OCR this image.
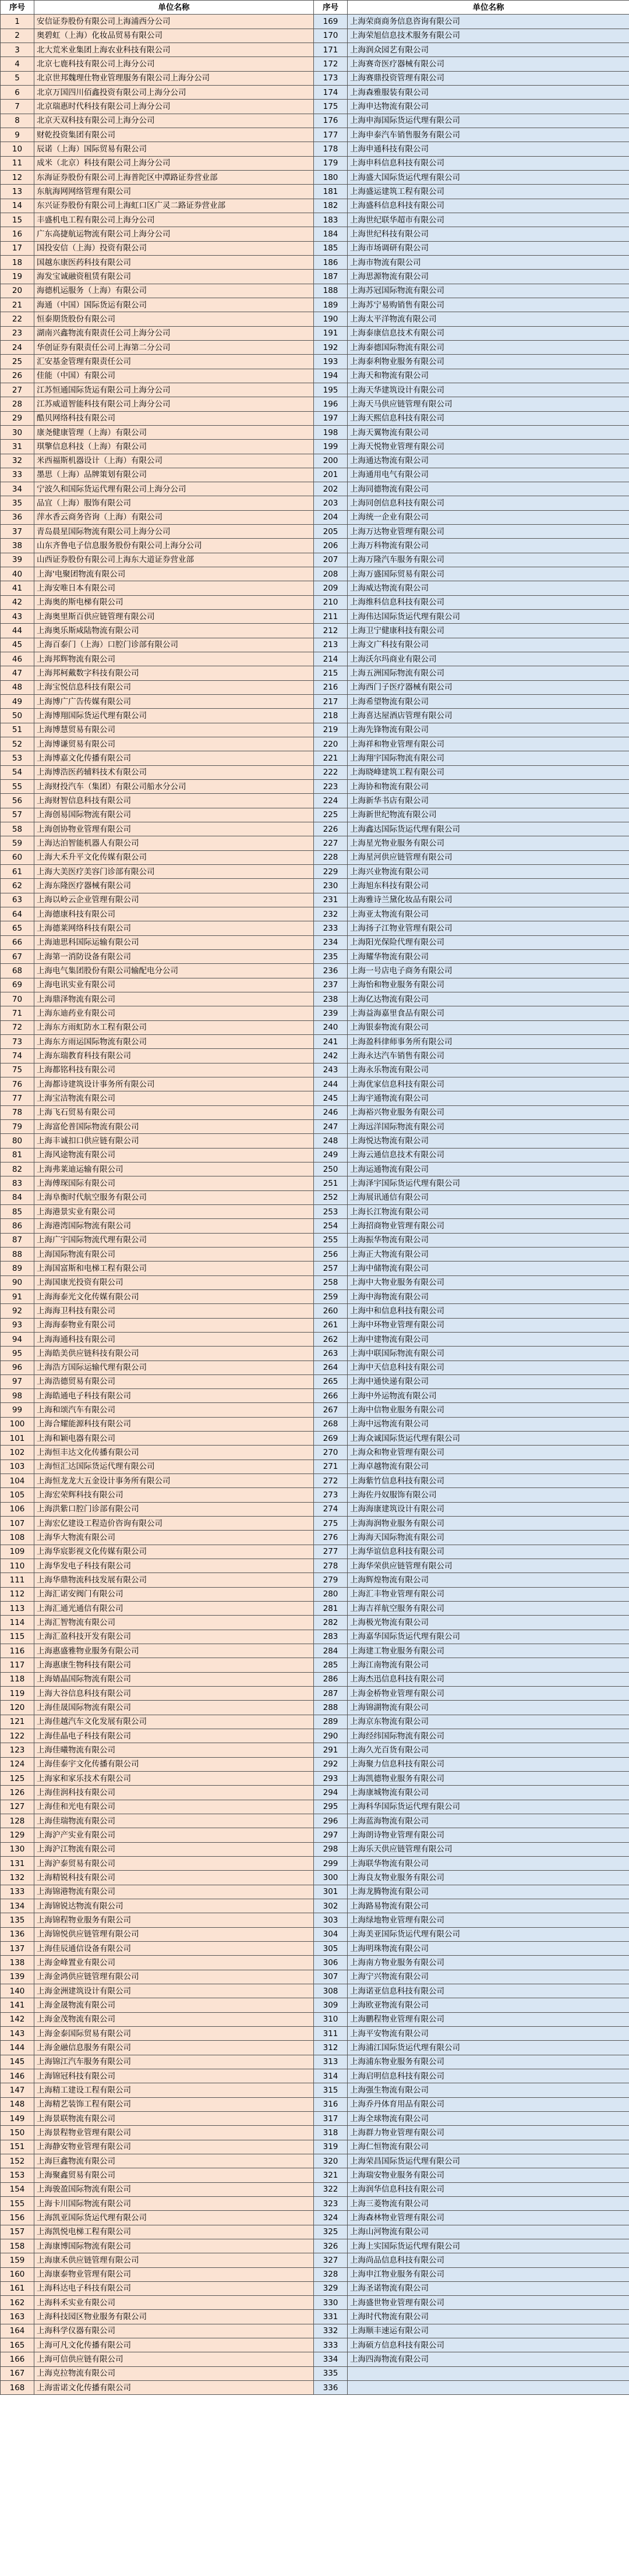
序号	单位名称	序号	单位名称
1	安信证券股份有限公司上海浦西分公司	169	上海荣商商务信息咨询有限公司
2	奥碧虹（上海）化妆品贸易有限公司	170	上海荣旭信息技术服务有限公司
3	北大荒米业集团上海农业科技有限公司	171	上海润众园艺有限公司
4	北京七鹿科技有限公司上海分公司	172	上海赛奇医疗器械有限公司
5	北京世邦魏理仕物业管理服务有限公司上海分公司	173	上海赛鼎投资管理有限公司
6	北京万国四川佰鑫投资有限公司上海分公司	174	上海森雅服装有限公司
7	北京瑞惠时代科技有限公司上海分公司	175	上海申达物流有限公司
8	北京天双科技有限公司上海分公司	176	上海申海国际货运代理有限公司
9	财乾投资集团有限公司	177	上海申泰汽车销售服务有限公司
10	辰诺（上海）国际贸易有限公司	178	上海申通科技有限公司
11	成米（北京）科技有限公司上海分公司	179	上海申科信息科技有限公司
12	东海证券股份有限公司上海普陀区中潭路证券营业部	180	上海盛大国际货运代理有限公司
13	东航海网网络管理有限公司	181	上海盛运建筑工程有限公司
14	东兴证券股份有限公司上海虹口区广灵二路证券营业部	182	上海盛科信息科技有限公司
15	丰盛机电工程有限公司上海分公司	183	上海世纪联华超市有限公司
16	广东高捷航运物流有限公司上海分公司	184	上海世纪科技有限公司
17	国投安信（上海）投资有限公司	185	上海市场调研有限公司
18	国越东康医药科技有限公司	186	上海市物流有限公司
19	海发宝诚融资租赁有限公司	187	上海思源物流有限公司
20	海德机运服务（上海）有限公司	188	上海苏冠国际物流有限公司
21	海通（中国）国际货运有限公司	189	上海苏宁易购销售有限公司
22	恒泰期货股份有限公司	190	上海太平洋物流有限公司
23	湖南兴鑫物流有限责任公司上海分公司	191	上海泰康信息技术有限公司
24	华创证券有限责任公司上海第二分公司	192	上海泰德国际物流有限公司
25	汇安基金管理有限责任公司	193	上海泰利物业服务有限公司
26	佳能（中国）有限公司	194	上海天和物流有限公司
27	江苏恒通国际货运有限公司上海分公司	195	上海天华建筑设计有限公司
28	江苏威道智能科技有限公司上海分公司	196	上海天马供应链管理有限公司
29	酷贝网络科技有限公司	197	上海天熙信息科技有限公司
30	康尧健康管理（上海）有限公司	198	上海天翼物流有限公司
31	琪擎信息科技（上海）有限公司	199	上海天悦物业管理有限公司
32	米西福斯机器设计（上海）有限公司	200	上海通达物流有限公司
33	墨思（上海）品牌策划有限公司	201	上海通用电气有限公司
34	宁波久和国际货运代理有限公司上海分公司	202	上海同德物流有限公司
35	品宜（上海）服饰有限公司	203	上海同创信息科技有限公司
36	萍水香云商务咨询（上海）有限公司	204	上海统一企业有限公司
37	青岛晨星国际物流有限公司上海分公司	205	上海万达物业管理有限公司
38	山东齐鲁电子信息服务股份有限公司上海分公司	206	上海万科物流有限公司
39	山西证券股份有限公司上海东大道证券营业部	207	上海万隆汽车服务有限公司
40	上海'电聚团物流有限公司	208	上海万盛国际贸易有限公司
41	上海安唯日本有限公司	209	上海威达物流有限公司
42	上海奥的斯电梯有限公司	210	上海维科信息科技有限公司
43	上海奥里斯百供应链管理有限公司	211	上海伟达国际货运代理有限公司
44	上海奥乐斯咸陆物流有限公司	212	上海卫宁健康科技有限公司
45	上海百泰门（上海）口腔门诊部有限公司	213	上海文广科技有限公司
46	上海邦辉物流有限公司	214	上海沃尔玛商业有限公司
47	上海邦柯戴数字科技有限公司	215	上海五洲国际物流有限公司
48	上海宝悦信息科技有限公司	216	上海西门子医疗器械有限公司
49	上海博广广告传媒有限公司	217	上海希望物流有限公司
50	上海博翔国际货运代理有限公司	218	上海喜达屋酒店管理有限公司
51	上海博慧贸易有限公司	219	上海先锋物流有限公司
52	上海博谦贸易有限公司	220	上海祥和物业管理有限公司
53	上海博嘉文化传播有限公司	221	上海翔宇国际物流有限公司
54	上海博浩医药辅料技术有限公司	222	上海晓峰建筑工程有限公司
55	上海财投汽车（集团）有限公司船水分公司	223	上海协和物流有限公司
56	上海财智信息科技有限公司	224	上海新华书店有限公司
57	上海创易国际物流有限公司	225	上海新世纪物流有限公司
58	上海创协物业管理有限公司	226	上海鑫达国际货运代理有限公司
59	上海达泊智能机器人有限公司	227	上海星光物业服务有限公司
60	上海大禾升平文化传媒有限公司	228	上海星河供应链管理有限公司
61	上海大美医疗美容门诊部有限公司	229	上海兴业物流有限公司
62	上海东隆医疗器械有限公司	230	上海旭东科技有限公司
63	上海以岭云企业管理有限公司	231	上海雅诗兰黛化妆品有限公司
64	上海德康科技有限公司	232	上海亚太物流有限公司
65	上海德莱网络科技有限公司	233	上海扬子江物业管理有限公司
66	上海迪思科国际运输有限公司	234	上海阳光保险代理有限公司
67	上海第一消防设备有限公司	235	上海耀华物流有限公司
68	上海电气集团股份有限公司输配电分公司	236	上海一号店电子商务有限公司
69	上海电讯实业有限公司	237	上海怡和物业服务有限公司
70	上海鼎泽物流有限公司	238	上海亿达物流有限公司
71	上海东迪药业有限公司	239	上海益海嘉里食品有限公司
72	上海东方雨虹防水工程有限公司	240	上海银泰物流有限公司
73	上海东方雨运国际物流有限公司	241	上海盈科律师事务所有限公司
74	上海东瑞教育科技有限公司	242	上海永达汽车销售有限公司
75	上海都铭科技有限公司	243	上海永乐物流有限公司
76	上海都诗建筑设计事务所有限公司	244	上海优家信息科技有限公司
77	上海宝洁物流有限公司	245	上海宇通物流有限公司
78	上海飞石贸易有限公司	246	上海裕兴物业服务有限公司
79	上海富伦普国际物流有限公司	247	上海远洋国际物流有限公司
80	上海丰诚扣口供应链有限公司	248	上海悦达物流有限公司
81	上海风途物流有限公司	249	上海云通信息技术有限公司
82	上海弗莱迪运输有限公司	250	上海运通物流有限公司
83	上海傅琛国际有限公司	251	上海泽宇国际货运代理有限公司
84	上海阜衡时代航空服务有限公司	252	上海展讯通信有限公司
85	上海港景实业有限公司	253	上海长江物流有限公司
86	上海港湾国际物流有限公司	254	上海招商物业管理有限公司
87	上海广宇国际物流代理有限公司	255	上海振华物流有限公司
88	上海国际物流有限公司	256	上海正大物流有限公司
89	上海国富斯和电梯工程有限公司	257	上海中储物流有限公司
90	上海国康光投资有限公司	258	上海中大物业服务有限公司
91	上海海泰光文化传媒有限公司	259	上海中海物流有限公司
92	上海海卫科技有限公司	260	上海中和信息科技有限公司
93	上海海泰物业有限公司	261	上海中环物业管理有限公司
94	上海海通科技有限公司	262	上海中建物流有限公司
95	上海皓美供应链科技有限公司	263	上海中联国际物流有限公司
96	上海浩方国际运输代理有限公司	264	上海中天信息科技有限公司
97	上海浩德贸易有限公司	265	上海中通快递有限公司
98	上海皓通电子科技有限公司	266	上海中外运物流有限公司
99	上海和颂汽车有限公司	267	上海中信物业服务有限公司
100	上海合耀能源科技有限公司	268	上海中远物流有限公司
101	上海和颖电器有限公司	269	上海众诚国际货运代理有限公司
102	上海恒丰达文化传播有限公司	270	上海众和物业管理有限公司
103	上海恒汇达国际货运代理有限公司	271	上海卓越物流有限公司
104	上海恒龙龙大五金设计事务所有限公司	272	上海紫竹信息科技有限公司
105	上海宏荣辉科技有限公司	273	上海佐丹奴服饰有限公司
106	上海洪紫口腔门诊部有限公司	274	上海海康建筑设计有限公司
107	上海宏亿建设工程造价咨询有限公司	275	上海海润物业服务有限公司
108	上海华大物流有限公司	276	上海海天国际物流有限公司
109	上海华宸影视文化传媒有限公司	277	上海华谊信息科技有限公司
110	上海华发电子科技有限公司	278	上海华荣供应链管理有限公司
111	上海华鼎物流科技发展有限公司	279	上海辉煌物流有限公司
112	上海汇诺安阀门有限公司	280	上海汇丰物业管理有限公司
113	上海汇通光通信有限公司	281	上海吉祥航空服务有限公司
114	上海汇智物流有限公司	282	上海极光物流有限公司
115	上海汇盈科技开发有限公司	283	上海嘉华国际货运代理有限公司
116	上海惠盛雅物业服务有限公司	284	上海建工物业服务有限公司
117	上海惠康生物科技有限公司	285	上海江南物流有限公司
118	上海婧晶国际物流有限公司	286	上海杰迅信息科技有限公司
119	上海大谷信息科技有限公司	287	上海金桥物业管理有限公司
120	上海佳晟国际物流有限公司	288	上海锦湖物流有限公司
121	上海佳越汽车文化发展有限公司	289	上海京东物流有限公司
122	上海佳晶电子科技有限公司	290	上海经纬国际物流有限公司
123	上海佳曦物流有限公司	291	上海久光百货有限公司
124	上海佳泰宇文化传播有限公司	292	上海聚力信息科技有限公司
125	上海家和家乐技术有限公司	293	上海凯德物业服务有限公司
126	上海佳润科技有限公司	294	上海康城物流有限公司
127	上海佳和光电有限公司	295	上海科华国际货运代理有限公司
128	上海佳瑞物流有限公司	296	上海蓝海物流有限公司
129	上海沪产实业有限公司	297	上海朗诗物业管理有限公司
130	上海沪江物流有限公司	298	上海乐天供应链管理有限公司
131	上海沪泰贸易有限公司	299	上海联华物流有限公司
132	上海精锐科技有限公司	300	上海良友物业服务有限公司
133	上海锦港物流有限公司	301	上海龙腾物流有限公司
134	上海锦锐达物流有限公司	302	上海路易物流有限公司
135	上海锦程物业服务有限公司	303	上海绿地物业管理有限公司
136	上海锦悦供应链管理有限公司	304	上海美亚国际货运代理有限公司
137	上海佳辰通信设备有限公司	305	上海明珠物流有限公司
138	上海金峰置业有限公司	306	上海南方物业服务有限公司
139	上海金鸿供应链管理有限公司	307	上海宁兴物流有限公司
140	上海金洲建筑设计有限公司	308	上海诺亚信息科技有限公司
141	上海金晟物流有限公司	309	上海欧亚物流有限公司
142	上海金茂物流有限公司	310	上海鹏程物业管理有限公司
143	上海金泰国际贸易有限公司	311	上海平安物流有限公司
144	上海金融信息服务有限公司	312	上海浦江国际货运代理有限公司
145	上海锦江汽车服务有限公司	313	上海浦东物业服务有限公司
146	上海锦冠科技有限公司	314	上海启明信息科技有限公司
147	上海精工建设工程有限公司	315	上海强生物流有限公司
148	上海精艺装饰工程有限公司	316	上海乔丹体育用品有限公司
149	上海景联物流有限公司	317	上海全球物流有限公司
150	上海景程物业管理有限公司	318	上海群力物业管理有限公司
151	上海静安物业管理有限公司	319	上海仁恒物流有限公司
152	上海巨鑫物流有限公司	320	上海荣昌国际货运代理有限公司
153	上海聚鑫贸易有限公司	321	上海瑞安物业服务有限公司
154	上海骏盈国际物流有限公司	322	上海润华信息科技有限公司
155	上海卡川国际物流有限公司	323	上海三菱物流有限公司
156	上海凯亚国际货运代理有限公司	324	上海森林物业管理有限公司
157	上海凯悦电梯工程有限公司	325	上海山河物流有限公司
158	上海康博国际物流有限公司	326	上海上实国际货运代理有限公司
159	上海康禾供应链管理有限公司	327	上海尚品信息科技有限公司
160	上海康泰物业管理有限公司	328	上海申江物业服务有限公司
161	上海科达电子科技有限公司	329	上海圣诺物流有限公司
162	上海科禾实业有限公司	330	上海盛世物业管理有限公司
163	上海科技园区物业服务有限公司	331	上海时代物流有限公司
164	上海科学仪器有限公司	332	上海顺丰速运有限公司
165	上海可凡文化传播有限公司	333	上海硕方信息科技有限公司
166	上海可信供应链有限公司	334	上海四海物流有限公司
167	上海克拉物流有限公司	335	
168	上海雷诺文化传播有限公司	336	
